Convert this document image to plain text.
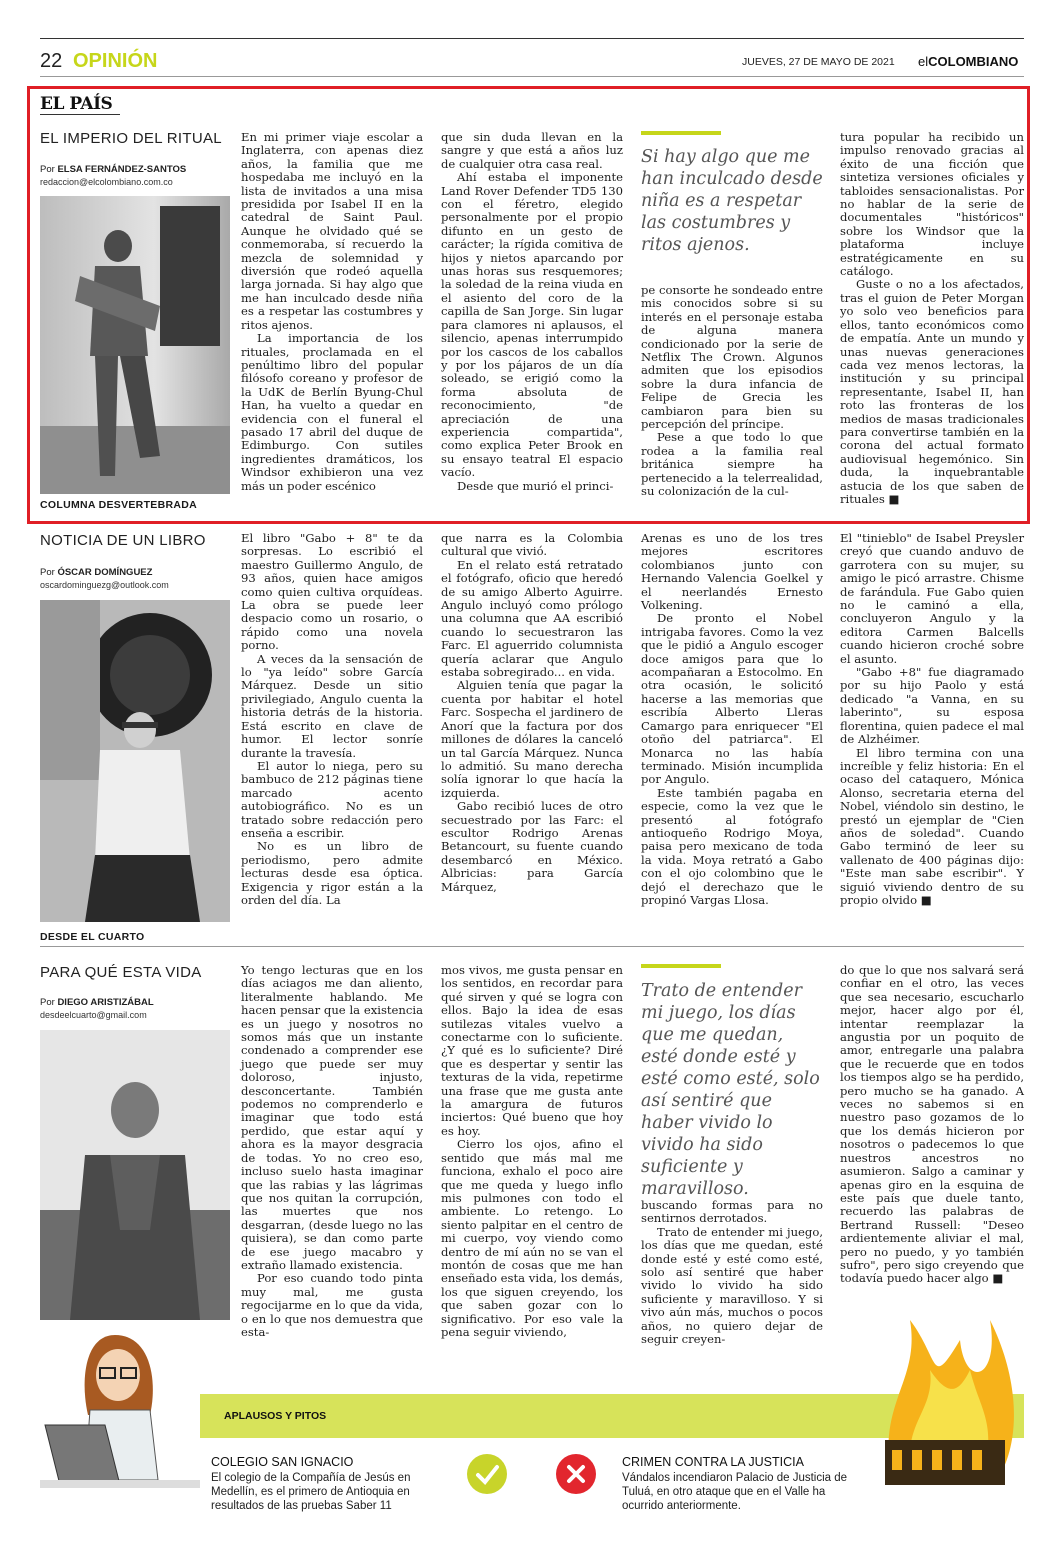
22 OPINIÓN	JUEVES, 27 DE MAYO DE 2021 elCOLOMBIANO
EL PAÍS
EL IMPERIO DEL RITUAL
Por ELSA FERNÁNDEZ-SANTOS
redaccion@elcolombiano.com.co
COLUMNA DESVERTEBRADA

En mi primer viaje escolar a Inglaterra, con apenas diez años, la familia que me hospedaba me incluyó en la lista de invitados a una misa presidida por Isabel II en la catedral de Saint Paul. Aunque he olvidado qué se conmemoraba, sí recuerdo la mezcla de solemnidad y diversión que rodeó aquella larga jornada. Si hay algo que me han inculcado desde niña es a respetar las costumbres y ritos ajenos.

La importancia de los rituales, proclamada en el penúltimo libro del popular filósofo coreano y profesor de la UdK de Berlín Byung-Chul Han, ha vuelto a quedar en evidencia con el funeral el pasado 17 abril del duque de Edimburgo. Con sutiles ingredientes dramáticos, los Windsor exhibieron una vez más un poder escénico

que sin duda llevan en la sangre y que está a años luz de cualquier otra casa real.

Ahí estaba el imponente Land Rover Defender TD5 130 con el féretro, elegido personalmente por el propio difunto en un gesto de carácter; la rígida comitiva de hijos y nietos aparcando por unas horas sus resquemores; la soledad de la reina viuda en el asiento del coro de la capilla de San Jorge. Sin lugar para clamores ni aplausos, el silencio, apenas interrumpido por los cascos de los caballos y por los pájaros de un día soleado, se erigió como la forma absoluta de reconocimiento, "de apreciación de una experiencia compartida", como explica Peter Brook en su ensayo teatral El espacio vacío.

Desde que murió el princi-

Si hay algo que me han inculcado desde niña es a respetar las costumbres y ritos ajenos.

pe consorte he sondeado entre mis conocidos sobre si su interés en el personaje estaba de alguna manera condicionado por la serie de Netflix The Crown. Algunos admiten que los episodios sobre la dura infancia de Felipe de Grecia les cambiaron para bien su percepción del príncipe.

Pese a que todo lo que rodea a la familia real británica siempre ha pertenecido a la telerrealidad, su colonización de la cul-

tura popular ha recibido un impulso renovado gracias al éxito de una ficción que sintetiza versiones oficiales y tabloides sensacionalistas. Por no hablar de la serie de documentales "históricos" sobre los Windsor que la plataforma incluye estratégicamente en su catálogo.

Guste o no a los afectados, tras el guion de Peter Morgan yo solo veo beneficios para ellos, tanto económicos como de empatía. Ante un mundo y unas nuevas generaciones cada vez menos lectoras, la institución y su principal representante, Isabel II, han roto las fronteras de los medios de masas tradicionales para convertirse también en la corona del actual formato audiovisual hegemónico. Sin duda, la inquebrantable astucia de los que saben de rituales ■

NOTICIA DE UN LIBRO
Por ÓSCAR DOMÍNGUEZ
oscardominguezg@outlook.com
DESDE EL CUARTO

El libro "Gabo + 8" te da sorpresas. Lo escribió el maestro Guillermo Angulo, de 93 años, quien hace amigos como quien cultiva orquídeas. La obra se puede leer despacio como un rosario, o rápido como una novela porno.

A veces da la sensación de lo "ya leído" sobre García Márquez. Desde un sitio privilegiado, Angulo cuenta la historia detrás de la historia. Está escrito en clave de humor. El lector sonríe durante la travesía.

El autor lo niega, pero su bambuco de 212 páginas tiene marcado acento autobiográfico. No es un tratado sobre redacción pero enseña a escribir.

No es un libro de periodismo, pero admite lecturas desde esa óptica. Exigencia y rigor están a la orden del día. La

que narra es la Colombia cultural que vivió.

En el relato está retratado el fotógrafo, oficio que heredó de su amigo Alberto Aguirre. Angulo incluyó como prólogo una columna que AA escribió cuando lo secuestraron las Farc. El aguerrido columnista quería aclarar que Angulo estaba sobregirado... en vida.

Alguien tenía que pagar la cuenta por habitar el hotel Farc. Sospecha el jardinero de Anorí que la factura por dos millones de dólares la canceló un tal García Márquez. Nunca lo admitió. Su mano derecha solía ignorar lo que hacía la izquierda.

Gabo recibió luces de otro secuestrado por las Farc: el escultor Rodrigo Arenas Betancourt, su fuente cuando desembarcó en México. Albricias: para García Márquez,

Arenas es uno de los tres mejores escritores colombianos junto con Hernando Valencia Goelkel y el neerlandés Ernesto Volkening.

De pronto el Nobel intrigaba favores. Como la vez que le pidió a Angulo escoger doce amigos para que lo acompañaran a Estocolmo. En otra ocasión, le solicitó hacerse a las memorias que escribía Alberto Lleras Camargo para enriquecer "El otoño del patriarca". El Monarca no las había terminado. Misión incumplida por Angulo.

Este también pagaba en especie, como la vez que le presentó al fotógrafo antioqueño Rodrigo Moya, paisa pero mexicano de toda la vida. Moya retrató a Gabo con el ojo colombino que le dejó el derechazo que le propinó Vargas Llosa.

El "tinieblo" de Isabel Preysler creyó que cuando anduvo de garrotera con su mujer, su amigo le picó arrastre. Chisme de farándula. Fue Gabo quien no le caminó a ella, concluyeron Angulo y la editora Carmen Balcells cuando hicieron croché sobre el asunto.

"Gabo +8" fue diagramado por su hijo Paolo y está dedicado "a Vanna, en su laberinto", su esposa florentina, quien padece el mal de Alzhéimer.

El libro termina con una increíble y feliz historia: En el ocaso del cataquero, Mónica Alonso, secretaria eterna del Nobel, viéndolo sin destino, le prestó un ejemplar de "Cien años de soledad". Cuando Gabo terminó de leer su vallenato de 400 páginas dijo: "Este man sabe escribir". Y siguió viviendo dentro de su propio olvido ■

PARA QUÉ ESTA VIDA
Por DIEGO ARISTIZÁBAL
desdeelcuarto@gmail.com

Yo tengo lecturas que en los días aciagos me dan aliento, literalmente hablando. Me hacen pensar que la existencia es un juego y nosotros no somos más que un instante condenado a comprender ese juego que puede ser muy doloroso, injusto, desconcertante. También podemos no comprenderlo e imaginar que todo está perdido, que estar aquí y ahora es la mayor desgracia de todas. Yo no creo eso, incluso suelo hasta imaginar que las rabias y las lágrimas que nos quitan la corrupción, las muertes que nos desgarran, (desde luego no las quisiera), se dan como parte de ese juego macabro y extraño llamado existencia.

Por eso cuando todo pinta muy mal, me gusta regocijarme en lo que da vida, o en lo que nos demuestra que esta-

mos vivos, me gusta pensar en los sentidos, en recordar para qué sirven y qué se logra con ellos. Bajo la idea de esas sutilezas vitales vuelvo a conectarme con lo suficiente. ¿Y qué es lo suficiente? Diré que es despertar y sentir las texturas de la vida, repetirme una frase que me gusta ante la amargura de futuros inciertos: Qué bueno que hoy es hoy.

Cierro los ojos, afino el sentido que más mal me funciona, exhalo el poco aire que me queda y luego inflo mis pulmones con todo el ambiente. Lo retengo. Lo siento palpitar en el centro de mi cuerpo, voy viendo como dentro de mí aún no se van el montón de cosas que me han enseñado esta vida, los demás, los que siguen creyendo, los que saben gozar con lo significativo. Por eso vale la pena seguir viviendo,

Trato de entender mi juego, los días que me quedan, esté donde esté y esté como esté, solo así sentiré que haber vivido lo vivido ha sido suficiente y maravilloso.

buscando formas para no sentirnos derrotados.

Trato de entender mi juego, los días que me quedan, esté donde esté y esté como esté, solo así sentiré que haber vivido lo vivido ha sido suficiente y maravilloso. Y si vivo aún más, muchos o pocos años, no quiero dejar de seguir creyen-

do que lo que nos salvará será confiar en el otro, las veces que sea necesario, escucharlo mejor, hacer algo por él, intentar reemplazar la angustia por un poquito de amor, entregarle una palabra que le recuerde que en todos los tiempos algo se ha perdido, pero mucho se ha ganado. A veces no sabemos si en nuestro paso gozamos de lo que los demás hicieron por nosotros o padecemos lo que nuestros ancestros no asumieron. Salgo a caminar y apenas giro en la esquina de este país que duele tanto, recuerdo las palabras de Bertrand Russell: "Deseo ardientemente aliviar el mal, pero no puedo, y yo también sufro", pero sigo creyendo que todavía puedo hacer algo ■

APLAUSOS Y PITOS
COLEGIO SAN IGNACIO
El colegio de la Compañía de Jesús en Medellín, es el primero de Antioquia en resultados de las pruebas Saber 11
CRIMEN CONTRA LA JUSTICIA
Vándalos incendiaron Palacio de Justicia de Tuluá, en otro ataque que en el Valle ha ocurrido anteriormente.
